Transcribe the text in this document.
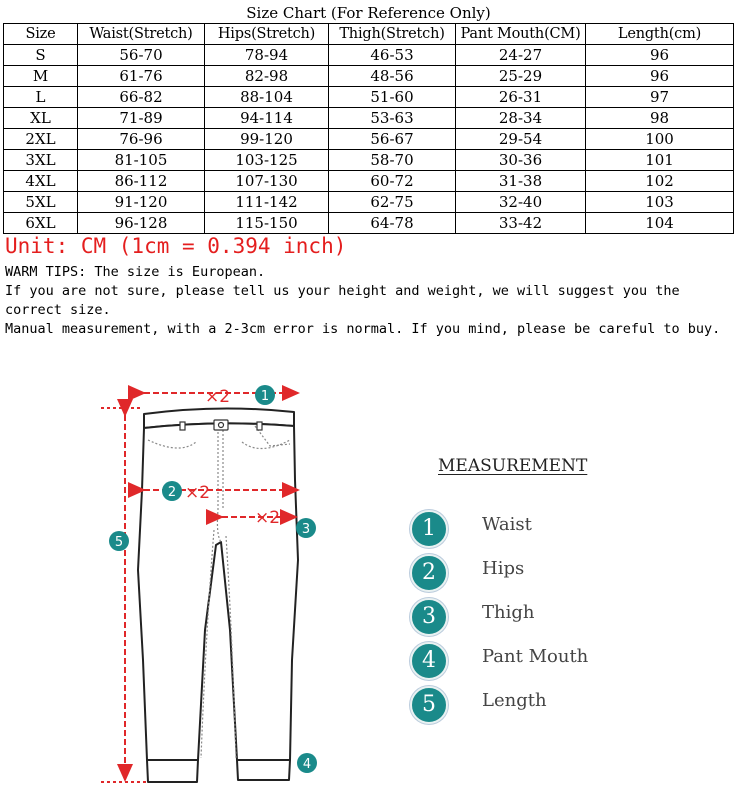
Size Chart (For Reference Only)					
Size	Waist(Stretch)	Hips(Stretch)	Thigh(Stretch)	Pant Mouth(CM)	Length(cm)
S	56-70	78-94	46-53	24-27	96
M	61-76	82-98	48-56	25-29	96
L	66-82	88-104	51-60	26-31	97
XL	71-89	94-114	53-63	28-34	98
2XL	76-96	99-120	56-67	29-54	100
3XL	81-105	103-125	58-70	30-36	101
4XL	86-112	107-130	60-72	31-38	102
5XL	91-120	111-142	62-75	32-40	103
6XL	96-128	115-150	64-78	33-42	104
Unit: CM (1cm = 0.394 inch)

WARM TIPS: The size is European.

If you are not sure, please tell us your height and weight, we will suggest you the correct size.

Manual measurement, with a 2-3cm error is normal. If you mind, please be careful to buy.

×2
×2
×2
1
2
3
4
5
MEASUREMENT
1	Waist
2	Hips
3	Thigh
4	Pant Mouth
5	Length
